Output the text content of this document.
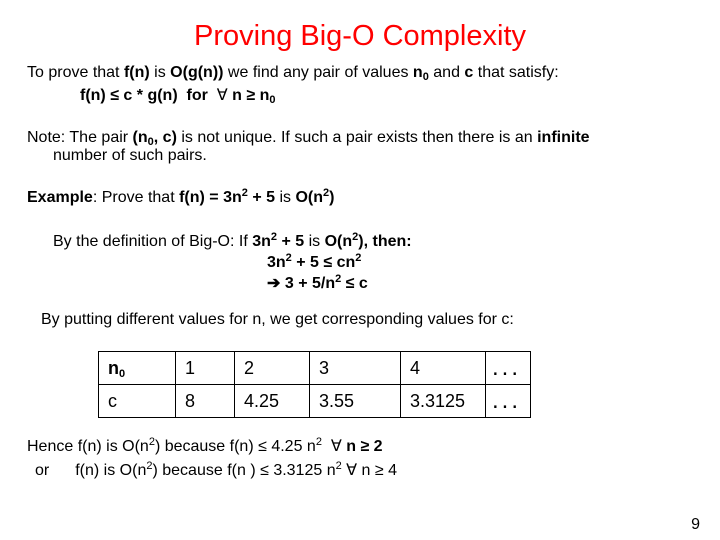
Proving Big-O Complexity
To prove that f(n) is O(g(n)) we find any pair of values $n_0$ and c that satisfy:
f(n) ≤ c * g(n)  for  ∀ $n \ge n_0$
Note: The pair ($n_0$, c) is not unique. If such a pair exists then there is an infinite
number of such pairs.
Example: Prove that $f(n) = 3n^2 + 5$ is $O(n^2)$
By the definition of Big-O: If $3n^2 + 5$ is $O(n^2)$, then:
$3n^2 + 5 \le cn^2$
➔ $3 + 5/n^2 \le c$
By putting different values for n, we get corresponding values for c:
$n_0$	1	2	3	4	...
c	8	4.25	3.55	3.3125	...
Hence f(n) is $O(n^2)$ because f(n) ≤ 4.25 $n^2$  ∀ n ≥ 2
or f(n) is $O(n^2)$ because f(n ) ≤ 3.3125 $n^2$ ∀ n ≥ 4
9
